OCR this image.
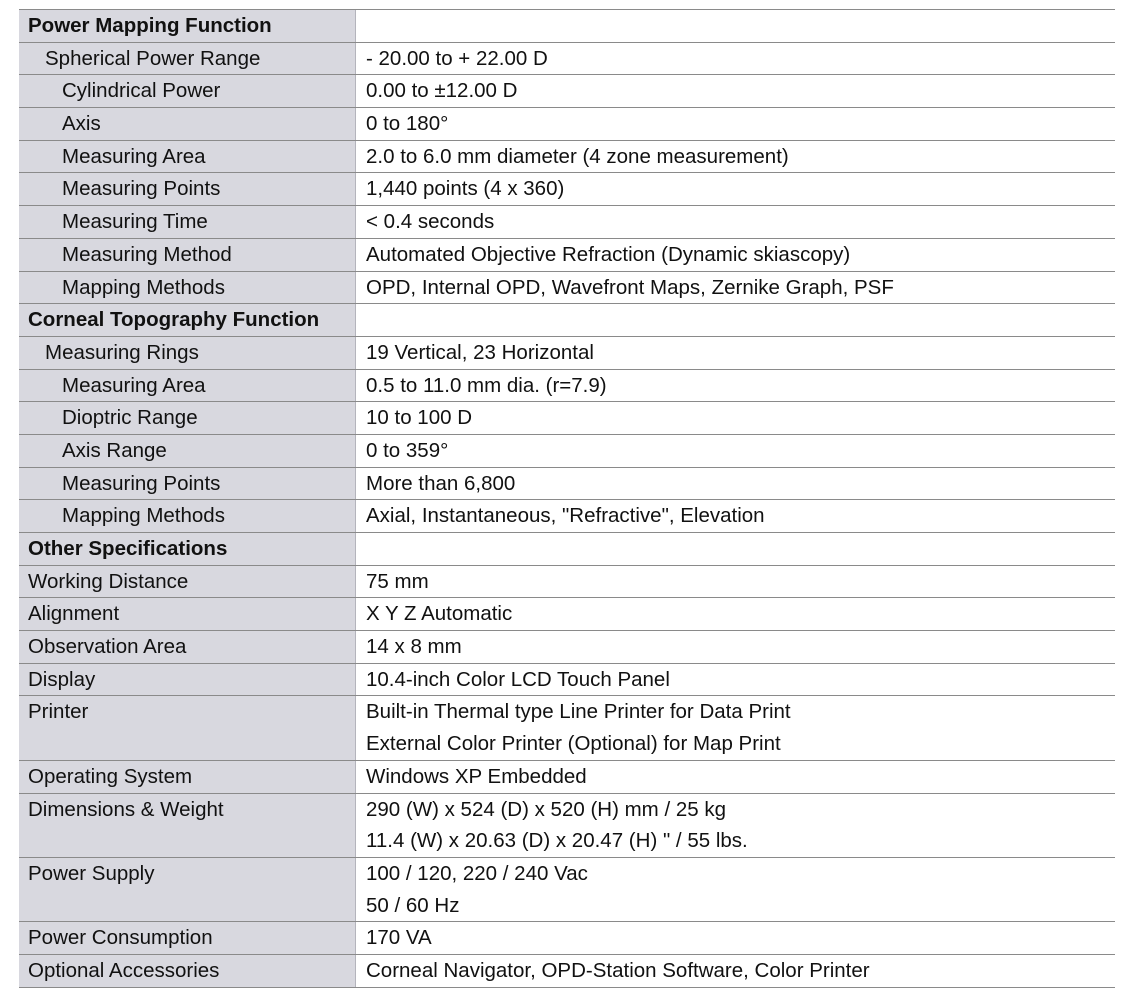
Power Mapping Function
Spherical Power Range	- 20.00 to + 22.00 D
Cylindrical Power	0.00 to ±12.00 D
Axis	0 to 180°
Measuring Area	2.0 to 6.0 mm diameter (4 zone measurement)
Measuring Points	1,440 points (4 x 360)
Measuring Time	< 0.4 seconds
Measuring Method	Automated Objective Refraction (Dynamic skiascopy)
Mapping Methods	OPD, Internal OPD, Wavefront Maps, Zernike Graph, PSF
Corneal Topography Function
Measuring Rings	19 Vertical, 23 Horizontal
Measuring Area	0.5 to 11.0 mm dia. (r=7.9)
Dioptric Range	10 to 100 D
Axis Range	0 to 359°
Measuring Points	More than 6,800
Mapping Methods	Axial, Instantaneous, "Refractive", Elevation
Other Specifications
Working Distance	75 mm
Alignment	X Y Z Automatic
Observation Area	14 x 8 mm
Display	10.4-inch Color LCD Touch Panel
Printer	Built-in Thermal type Line Printer for Data Print
External Color Printer (Optional) for Map Print
Operating System	Windows XP Embedded
Dimensions & Weight	290 (W) x 524 (D) x 520 (H) mm / 25 kg
11.4 (W) x 20.63 (D) x 20.47 (H) " / 55 lbs.
Power Supply	100 / 120, 220 / 240 Vac
50 / 60 Hz
Power Consumption	170 VA
Optional Accessories	Corneal Navigator, OPD-Station Software, Color Printer
